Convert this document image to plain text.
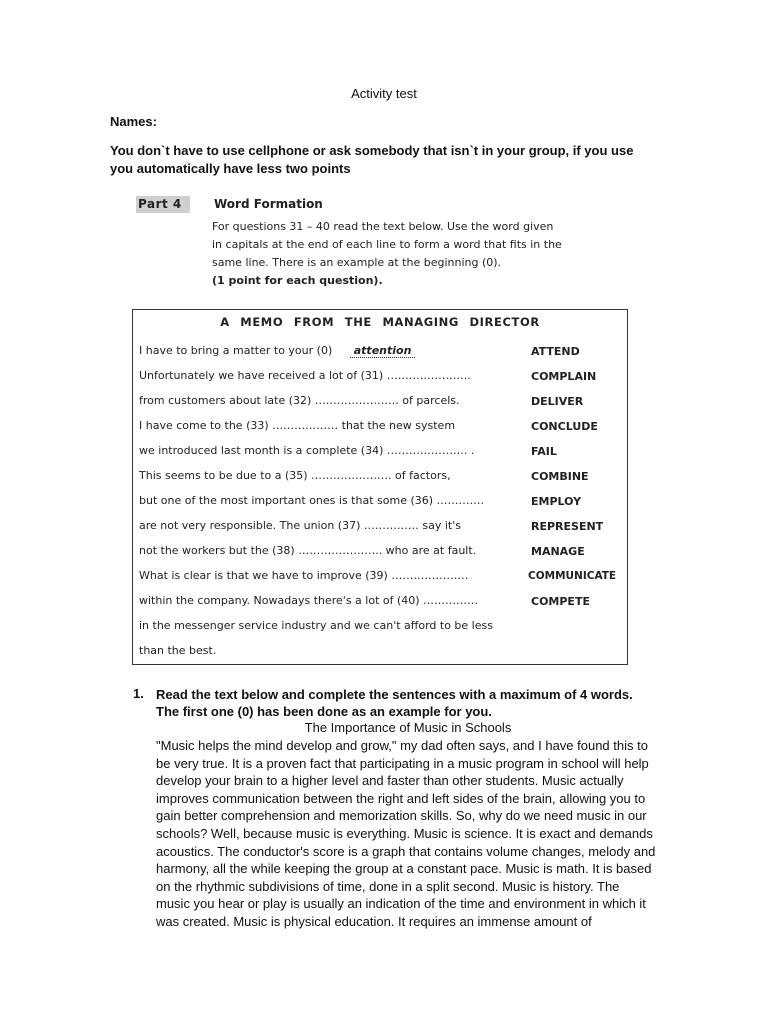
Activity test
Names:
You don`t have to use cellphone or ask somebody that isn`t in your group, if you use you automatically have less two points
Part 4	Word Formation
For questions 31 – 40 read the text below. Use the word given
in capitals at the end of each line to form a word that fits in the
same line. There is an example at the beginning (0).
(1 point for each question).
A MEMO FROM THE MANAGING DIRECTOR
I have to bring a matter to your (0) attention	ATTEND
Unfortunately we have received a lot of (31) …………………..	COMPLAIN
from customers about late (32) ………………….. of parcels.	DELIVER
I have come to the (33) ……………… that the new system	CONCLUDE
we introduced last month is a complete (34) …………………. .	FAIL
This seems to be due to a (35) …………………. of factors,	COMBINE
but one of the most important ones is that some (36) ………….	EMPLOY
are not very responsible. The union (37) …………… say it's	REPRESENT
not the workers but the (38) ………………….. who are at fault.	MANAGE
What is clear is that we have to improve (39) …………………	COMMUNICATE
within the company. Nowadays there's a lot of (40) ……………	COMPETE
in the messenger service industry and we can't afford to be less
than the best.
1. Read the text below and complete the sentences with a maximum of 4 words. The first one (0) has been done as an example for you.
The Importance of Music in Schools
"Music helps the mind develop and grow," my dad often says, and I have found this to be very true. It is a proven fact that participating in a music program in school will help develop your brain to a higher level and faster than other students. Music actually improves communication between the right and left sides of the brain, allowing you to gain better comprehension and memorization skills. So, why do we need music in our schools? Well, because music is everything. Music is science. It is exact and demands acoustics. The conductor's score is a graph that contains volume changes, melody and harmony, all the while keeping the group at a constant pace. Music is math. It is based on the rhythmic subdivisions of time, done in a split second. Music is history. The music you hear or play is usually an indication of the time and environment in which it was created. Music is physical education. It requires an immense amount of
